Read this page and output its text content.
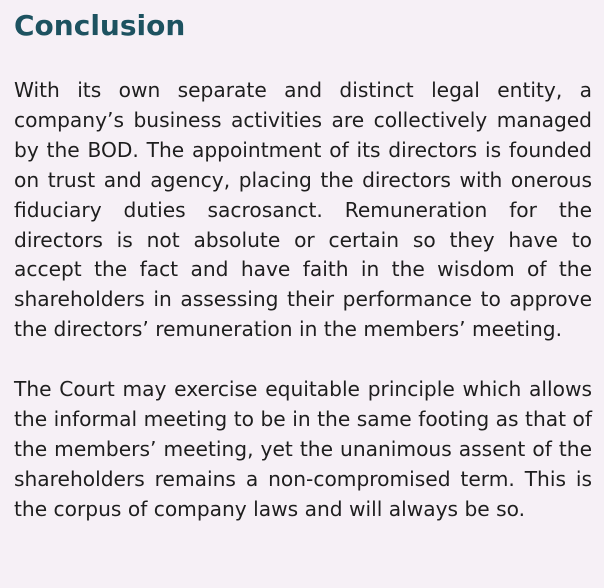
Conclusion

With its own separate and distinct legal entity, a company’s business activities are collectively managed by the BOD. The appointment of its directors is founded on trust and agency, placing the directors with onerous fiduciary duties sacrosanct. Remuneration for the directors is not absolute or certain so they have to accept the fact and have faith in the wisdom of the shareholders in assessing their performance to approve the directors’ remuneration in the members’ meeting.

The Court may exercise equitable principle which allows the informal meeting to be in the same footing as that of the members’ meeting, yet the unanimous assent of the shareholders remains a non-compromised term. This is the corpus of company laws and will always be so.
